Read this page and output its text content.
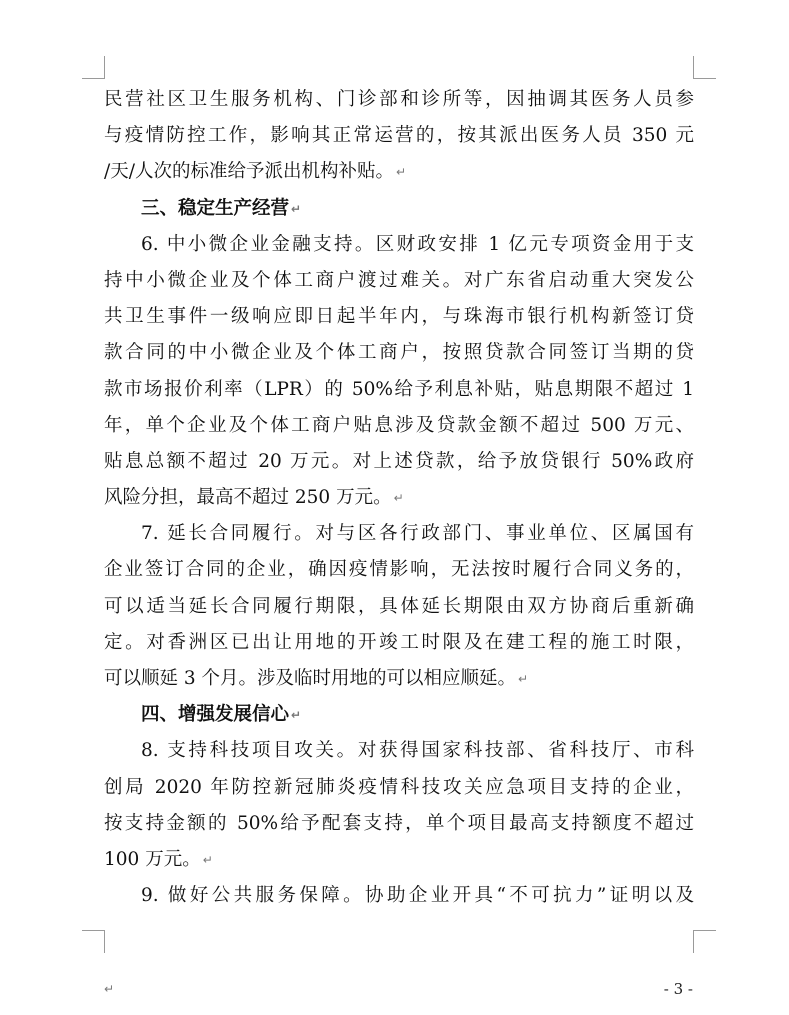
民营社区卫生服务机构、门诊部和诊所等，因抽调其医务人员参
与疫情防控工作，影响其正常运营的，按其派出医务人员 350 元
/天/人次的标准给予派出机构补贴。 ↵
三、稳定生产经营 ↵
6. 中小微企业金融支持。区财政安排 1 亿元专项资金用于支
持中小微企业及个体工商户渡过难关。对广东省启动重大突发公
共卫生事件一级响应即日起半年内，与珠海市银行机构新签订贷
款合同的中小微企业及个体工商户，按照贷款合同签订当期的贷
款市场报价利率（LPR）的 50%给予利息补贴，贴息期限不超过 1
年，单个企业及个体工商户贴息涉及贷款金额不超过 500 万元、
贴息总额不超过 20 万元。对上述贷款，给予放贷银行 50%政府
风险分担，最高不超过 250 万元。 ↵
7. 延长合同履行。对与区各行政部门、事业单位、区属国有
企业签订合同的企业，确因疫情影响，无法按时履行合同义务的，
可以适当延长合同履行期限，具体延长期限由双方协商后重新确
定。对香洲区已出让用地的开竣工时限及在建工程的施工时限，
可以顺延 3 个月。涉及临时用地的可以相应顺延。 ↵
四、增强发展信心 ↵
8. 支持科技项目攻关。对获得国家科技部、省科技厅、市科
创局 2020 年防控新冠肺炎疫情科技攻关应急项目支持的企业，
按支持金额的 50%给予配套支持，单个项目最高支持额度不超过
100 万元。 ↵
9. 做好公共服务保障。协助企业开具“不可抗力”证明以及
↵	- 3 -
